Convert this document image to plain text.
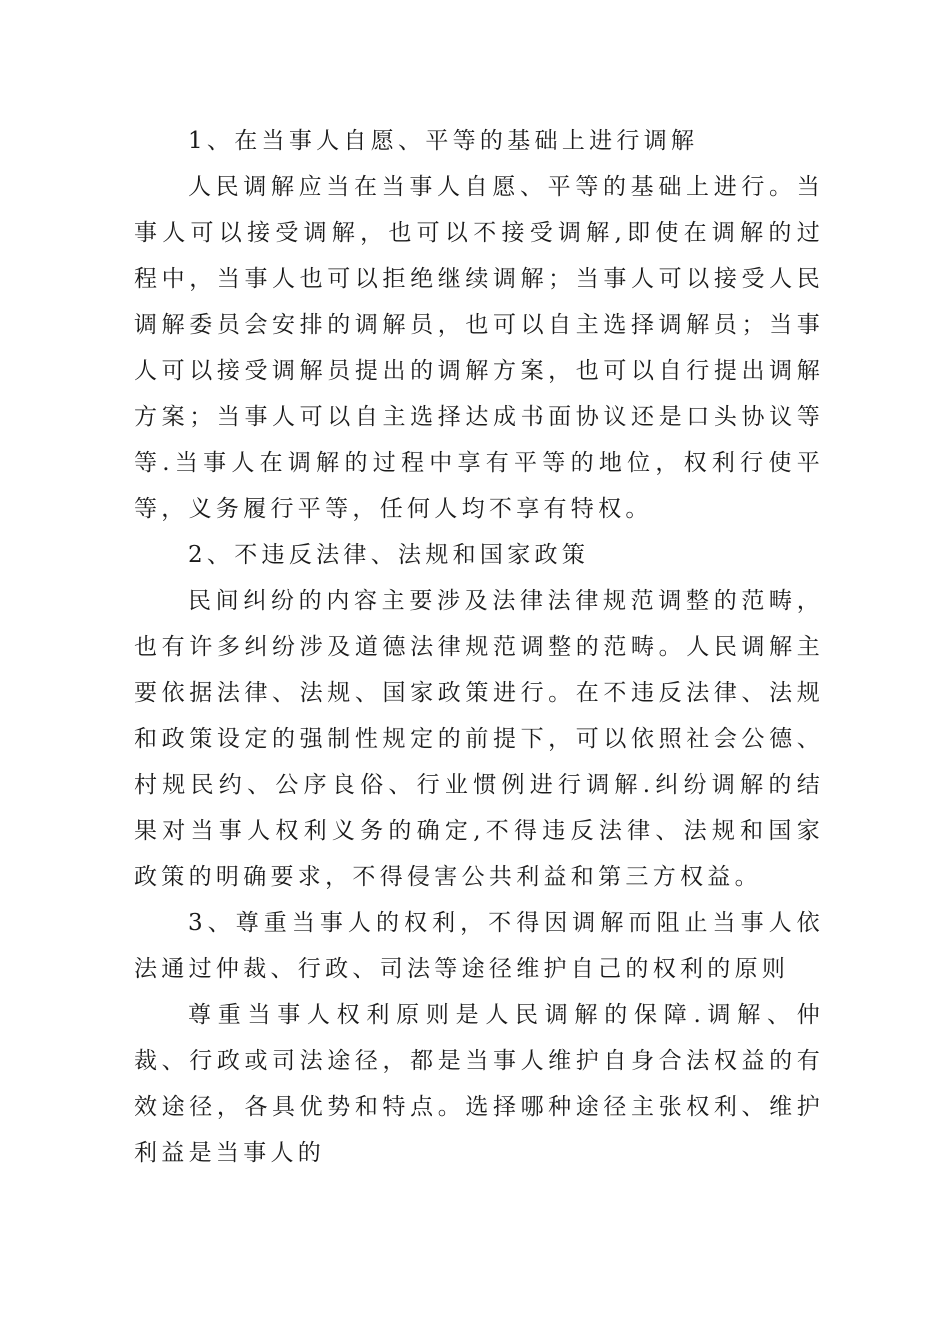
1、在当事人自愿、平等的基础上进行调解

人民调解应当在当事人自愿、平等的基础上进行。当事人可以接受调解，也可以不接受调解,即使在调解的过程中，当事人也可以拒绝继续调解；当事人可以接受人民调解委员会安排的调解员，也可以自主选择调解员；当事人可以接受调解员提出的调解方案，也可以自行提出调解方案；当事人可以自主选择达成书面协议还是口头协议等等.当事人在调解的过程中享有平等的地位，权利行使平等，义务履行平等，任何人均不享有特权。

2、不违反法律、法规和国家政策

民间纠纷的内容主要涉及法律法律规范调整的范畴，也有许多纠纷涉及道德法律规范调整的范畴。人民调解主要依据法律、法规、国家政策进行。在不违反法律、法规和政策设定的强制性规定的前提下，可以依照社会公德、村规民约、公序良俗、行业惯例进行调解.纠纷调解的结果对当事人权利义务的确定,不得违反法律、法规和国家政策的明确要求，不得侵害公共利益和第三方权益。

3、尊重当事人的权利，不得因调解而阻止当事人依法通过仲裁、行政、司法等途径维护自己的权利的原则

尊重当事人权利原则是人民调解的保障.调解、仲裁、行政或司法途径，都是当事人维护自身合法权益的有效途径，各具优势和特点。选择哪种途径主张权利、维护利益是当事人的
